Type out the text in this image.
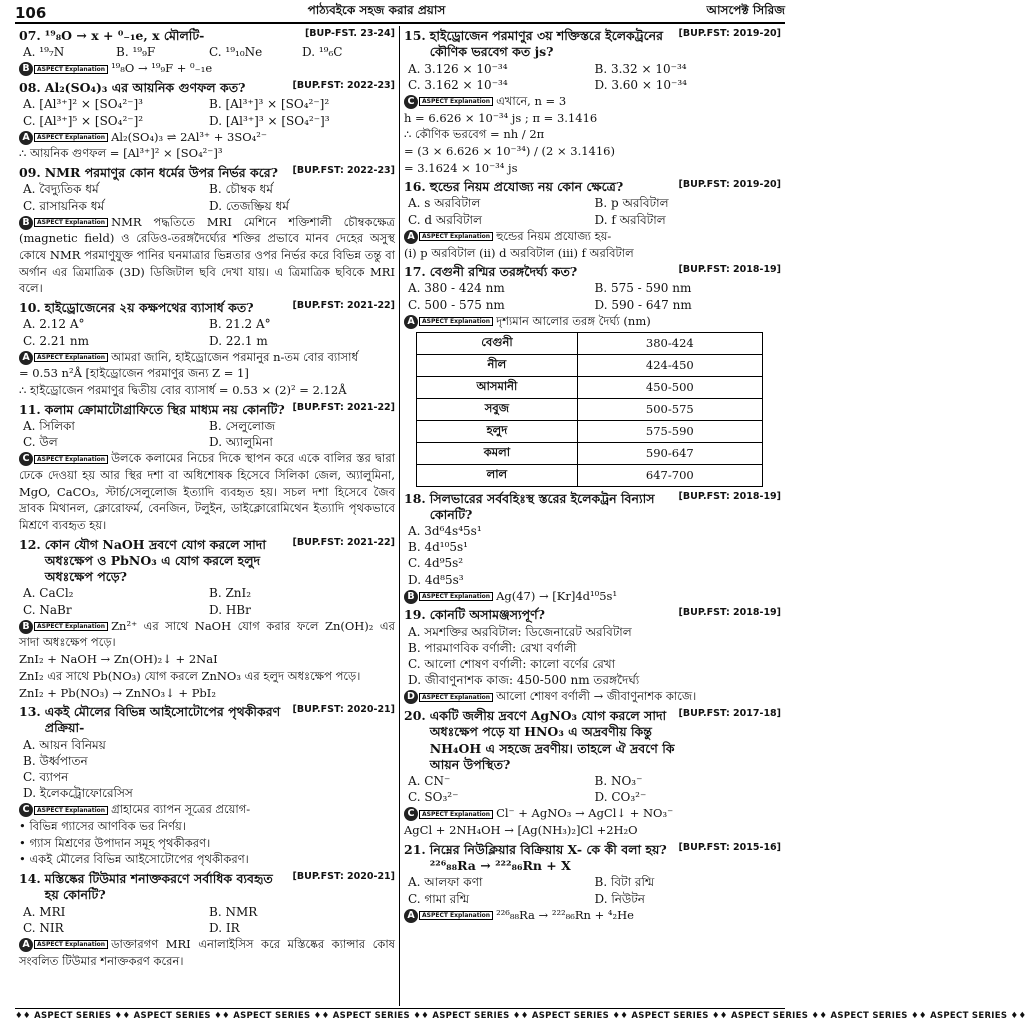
106	পাঠ্যবইকে সহজ করার প্রয়াস	আসপেক্ট সিরিজ
07. ¹⁹₈O → x + ⁰₋₁e, x মৌলটি-	[BUP-FST. 23-24]
A. ¹⁹₇N	B. ¹⁹₉F	C. ¹⁹₁₀Ne	D. ¹⁹₆C
B	ASPECT Explanation ¹⁹₈O → ¹⁹₉F + ⁰₋₁e
08. Al₂(SO₄)₃ এর আয়নিক গুণফল কত?	[BUP.FST: 2022-23]
A. [Al³⁺]² × [SO₄²⁻]³	B. [Al³⁺]³ × [SO₄²⁻]²
C. [Al³⁺]⁵ × [SO₄²⁻]²	D. [Al³⁺]³ × [SO₄²⁻]³
A	ASPECT Explanation Al₂(SO₄)₃ ⇌ 2Al³⁺ + 3SO₄²⁻
∴ আয়নিক গুণফল = [Al³⁺]² × [SO₄²⁻]³
09. NMR পরমাণুর কোন ধর্মের উপর নির্ভর করে?	[BUP.FST: 2022-23]
A. বৈদ্যুতিক ধর্ম	B. চৌম্বক ধর্ম
C. রাসায়নিক ধর্ম	D. তেজষ্ক্রিয় ধর্ম
B	ASPECT Explanation NMR পদ্ধতিতে MRI মেশিনে শক্তিশালী চৌম্বকক্ষেত্র (magnetic field) ও রেডিও-তরঙ্গদৈর্ঘ্যের শক্তির প্রভাবে মানব দেহের অসুস্থ কোষে NMR পরমাণুযুক্ত পানির ঘনমাত্রার ভিন্নতার ওপর নির্ভর করে বিভিন্ন তন্তু বা অর্গান এর ত্রিমাত্রিক (3D) ডিজিটাল ছবি দেখা যায়। এ ত্রিমাত্রিক ছবিকে MRI বলে।
10. হাইড্রোজেনের ২য় কক্ষপথের ব্যাসার্ধ কত?	[BUP.FST: 2021-22]
A. 2.12 A°	B. 21.2 A°
C. 2.21 nm	D. 22.1 m
A	ASPECT Explanation আমরা জানি, হাইড্রোজেন পরমানুর n-তম বোর ব্যাসার্ধ
= 0.53 n²Å [হাইড্রোজেন পরমাণুর জন্য Z = 1]
∴ হাইড্রোজেন পরমাণুর দ্বিতীয় বোর ব্যাসার্ধ = 0.53 × (2)² = 2.12Å
11. কলাম ক্রোমাটোগ্রাফিতে স্থির মাধ্যম নয় কোনটি? [BUP.FST: 2021-22]
A. সিলিকা	B. সেলুলোজ
C. উল	D. অ্যালুমিনা
C	ASPECT Explanation উলকে কলামের নিচের দিকে স্থাপন করে একে বালির স্তর দ্বারা ঢেকে দেওয়া হয় আর স্থির দশা বা অধিশোষক হিসেবে সিলিকা জেল, অ্যালুমিনা, MgO, CaCO₃, স্টার্চ/সেলুলোজ ইত্যাদি ব্যবহৃত হয়। সচল দশা হিসেবে জৈব দ্রাবক মিথানল, ক্লোরোফর্ম, বেনজিন, টলুইন, ডাইক্লোরোমিথেন ইত্যাদি পৃথকভাবে মিশ্রণে ব্যবহৃত হয়।
12. কোন যৌগ NaOH দ্রবণে যোগ করলে সাদা অধঃক্ষেপ ও PbNO₃ এ যোগ করলে হলুদ অধঃক্ষেপ পড়ে?
[BUP.FST: 2021-22]
A. CaCl₂	B. ZnI₂
C. NaBr	D. HBr
B	ASPECT Explanation Zn²⁺ এর সাথে NaOH যোগ করার ফলে Zn(OH)₂ এর সাদা অধঃক্ষেপ পড়ে।
ZnI₂ + NaOH → Zn(OH)₂↓ + 2NaI
ZnI₂ এর সাথে Pb(NO₃) যোগ করলে ZnNO₃ এর হলুদ অধঃক্ষেপ পড়ে।
ZnI₂ + Pb(NO₃) → ZnNO₃↓ + PbI₂
13. একই মৌলের বিভিন্ন আইসোটোপের পৃথকীকরণ প্রক্রিয়া-
[BUP.FST: 2020-21]
A. আয়ন বিনিময়
B. উর্ধ্বপাতন
C. ব্যাপন
D. ইলেকট্রোফোরেসিস
C	ASPECT Explanation গ্রাহামের ব্যাপন সূত্রের প্রয়োগ-
• বিভিন্ন গ্যাসের আণবিক ভর নির্ণয়।
• গ্যাস মিশ্রণের উপাদান সমূহ পৃথকীকরণ।
• একই মৌলের বিভিন্ন আইসোটোপের পৃথকীকরণ।
14. মস্তিষ্কের টিউমার শনাক্তকরণে সর্বাধিক ব্যবহৃত হয় কোনটি?
[BUP.FST: 2020-21]
A. MRI	B. NMR
C. NIR	D. IR
A	ASPECT Explanation ডাক্তারগণ MRI এনালাইসিস করে মস্তিষ্কের ক্যান্সার কোষ সংবলিত টিউমার শনাক্তকরণ করেন।
15. হাইড্রোজেন পরমাণুর ৩য় শক্তিস্তরে ইলেকট্রনের কৌণিক ভরবেগ কত js?
[BUP.FST: 2019-20]
A. 3.126 × 10⁻³⁴	B. 3.32 × 10⁻³⁴
C. 3.162 × 10⁻³⁴	D. 3.60 × 10⁻³⁴
C	ASPECT Explanation এখানে, n = 3
h = 6.626 × 10⁻³⁴ js ; π = 3.1416
∴ কৌণিক ভরবেগ = nh / 2π
= (3 × 6.626 × 10⁻³⁴) / (2 × 3.1416)
= 3.1624 × 10⁻³⁴ js
16. হুন্ডের নিয়ম প্রযোজ্য নয় কোন ক্ষেত্রে?	[BUP.FST: 2019-20]
A. s অরবিটাল	B. p অরবিটাল
C. d অরবিটাল	D. f অরবিটাল
A	ASPECT Explanation হুন্ডের নিয়ম প্রযোজ্য হয়-
(i) p অরবিটাল (ii) d অরবিটাল (iii) f অরবিটাল
17. বেগুনী রশ্মির তরঙ্গদৈর্ঘ্য কত?	[BUP.FST: 2018-19]
A. 380 - 424 nm	B. 575 - 590 nm
C. 500 - 575 nm	D. 590 - 647 nm
A	ASPECT Explanation দৃশ্যমান আলোর তরঙ্গ দৈর্ঘ্য (nm)
বেগুনী	380-424
নীল	424-450
আসমানী	450-500
সবুজ	500-575
হলুদ	575-590
কমলা	590-647
লাল	647-700
18. সিলভারের সর্ববহিঃস্থ স্তরের ইলেকট্রন বিন্যাস কোনটি?
[BUP.FST: 2018-19]
A. 3d⁶4s⁴5s¹
B. 4d¹⁰5s¹
C. 4d⁹5s²
D. 4d⁸5s³
B	ASPECT Explanation Ag(47) → [Kr]4d¹⁰5s¹
19. কোনটি অসামঞ্জস্যপূর্ণ?	[BUP.FST: 2018-19]
A. সমশক্তির অরবিটাল: ডিজেনারেট অরবিটাল
B. পারমাণবিক বর্ণালী: রেখা বর্ণালী
C. আলো শোষণ বর্ণালী: কালো বর্ণের রেখা
D. জীবাণুনাশক কাজ: 450-500 nm তরঙ্গদৈর্ঘ্য
D	ASPECT Explanation আলো শোষণ বর্ণালী → জীবাণুনাশক কাজে।
20. একটি জলীয় দ্রবণে AgNO₃ যোগ করলে সাদা অধঃক্ষেপ পড়ে যা HNO₃ এ অদ্রবণীয় কিন্তু NH₄OH এ সহজে দ্রবণীয়। তাহলে ঐ দ্রবণে কি আয়ন উপস্থিত?
[BUP.FST: 2017-18]
A. CN⁻	B. NO₃⁻
C. SO₃²⁻	D. CO₃²⁻
C	ASPECT Explanation Cl⁻ + AgNO₃ → AgCl↓ + NO₃⁻
AgCl + 2NH₄OH → [Ag(NH₃)₂]Cl +2H₂O
21. নিম্নের নিউক্লিয়ার বিক্রিয়ায় X- কে কী বলা হয়? ²²⁶₈₈Ra → ²²²₈₆Rn + X
[BUP.FST: 2015-16]
A. আলফা কণা	B. বিটা রশ্মি
C. গামা রশ্মি	D. নিউটন
A	ASPECT Explanation ²²⁶₈₈Ra → ²²²₈₆Rn + ⁴₂He
♦♦ ASPECT SERIES ♦♦ ASPECT SERIES ♦♦ ASPECT SERIES ♦♦ ASPECT SERIES ♦♦ ASPECT SERIES ♦♦ ASPECT SERIES ♦♦ ASPECT SERIES ♦♦ ASPECT SERIES ♦♦ ASPECT SERIES ♦♦ ASPECT SERIES ♦♦
